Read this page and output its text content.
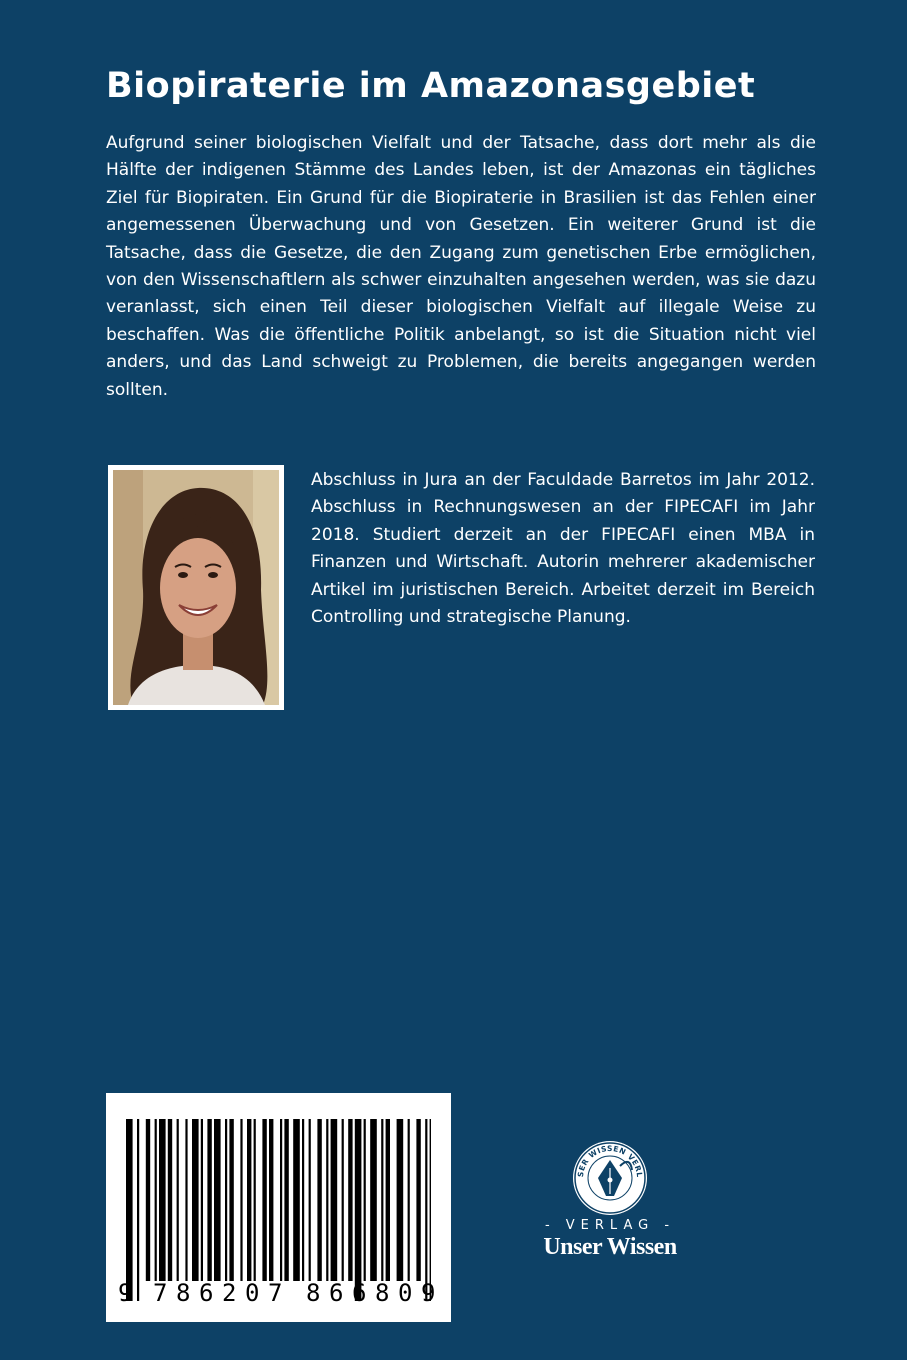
Biopiraterie im Amazonasgebiet

Aufgrund seiner biologischen Vielfalt und der Tatsache, dass dort mehr als die Hälfte der indigenen Stämme des Landes leben, ist der Amazonas ein tägliches Ziel für Biopiraten. Ein Grund für die Biopiraterie in Brasilien ist das Fehlen einer angemessenen Überwachung und von Gesetzen. Ein weiterer Grund ist die Tatsache, dass die Gesetze, die den Zugang zum genetischen Erbe ermöglichen, von den Wissenschaftlern als schwer einzuhalten angesehen werden, was sie dazu veranlasst, sich einen Teil dieser biologischen Vielfalt auf illegale Weise zu beschaffen. Was die öffentliche Politik anbelangt, so ist die Situation nicht viel anders, und das Land schweigt zu Problemen, die bereits angegangen werden sollten.

Abschluss in Jura an der Faculdade Barretos im Jahr 2012. Abschluss in Rechnungswesen an der FIPECAFI im Jahr 2018. Studiert derzeit an der FIPECAFI einen MBA in Finanzen und Wirtschaft. Autorin mehrerer akademischer Artikel im juristischen Bereich. Arbeitet derzeit im Bereich Controlling und strategische Planung.

9 7 8 6 2 0 7 8 6 6 8 0 9
SER WISSEN VERL
- VERLAG -
Unser Wissen
